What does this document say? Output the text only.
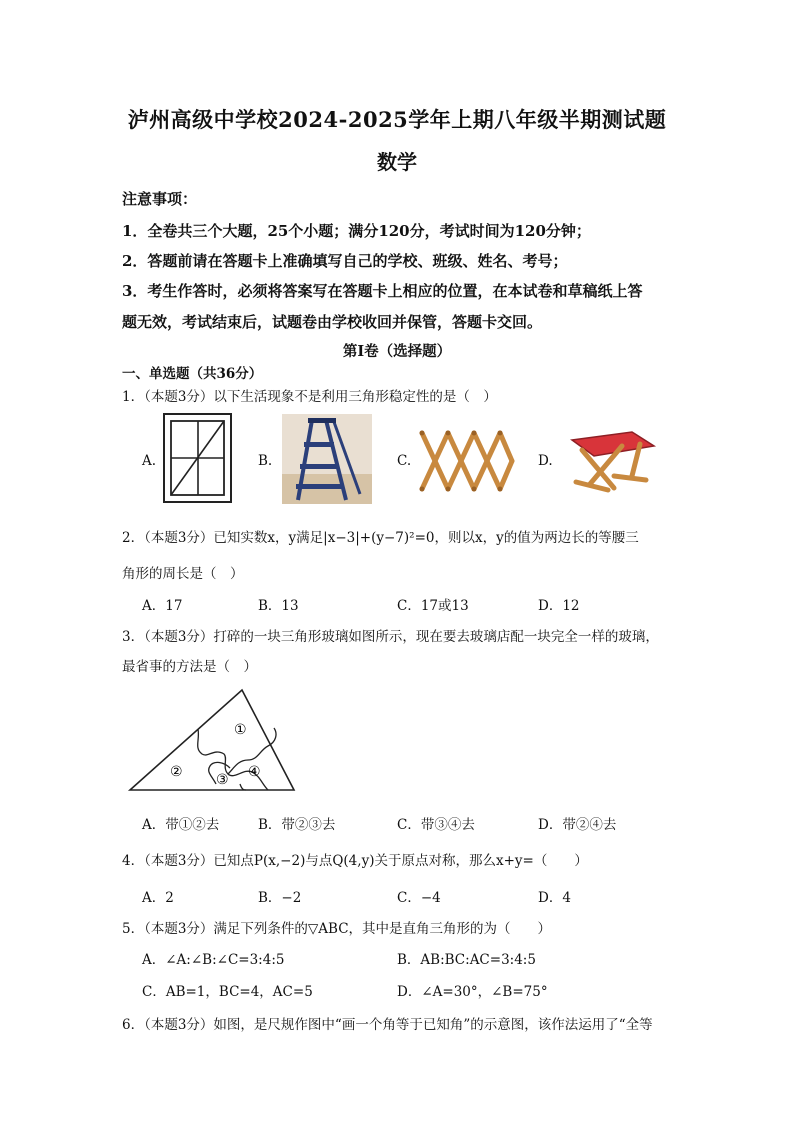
泸州高级中学校2024-2025学年上期八年级半期测试题
数学
注意事项：
1．全卷共三个大题，25个小题；满分120分，考试时间为120分钟；
2．答题前请在答题卡上准确填写自己的学校、班级、姓名、考号；
3．考生作答时，必须将答案写在答题卡上相应的位置，在本试卷和草稿纸上答
题无效，考试结束后，试题卷由学校收回并保管，答题卡交回。
第Ⅰ卷（选择题）
一、单选题（共36分）
1．（本题3分）以下生活现象不是利用三角形稳定性的是（　）
A.	B.	C.	D.
2．（本题3分）已知实数x，y满足|x−3|+(y−7)²=0，则以x，y的值为两边长的等腰三
角形的周长是（　）
A．17	B．13	C．17或13	D．12
3．（本题3分）打碎的一块三角形玻璃如图所示，现在要去玻璃店配一块完全一样的玻璃，
最省事的方法是（　）
①
② ③ ④
A．带①②去	B．带②③去	C．带③④去	D．带②④去
4．（本题3分）已知点P(x,−2)与点Q(4,y)关于原点对称，那么x+y=（　　）
A．2	B．−2	C．−4	D．4
5．（本题3分）满足下列条件的▽ABC，其中是直角三角形的为（　　）
A．∠A:∠B:∠C=3:4:5	B．AB:BC:AC=3:4:5
C．AB=1，BC=4，AC=5	D．∠A=30°，∠B=75°
6．（本题3分）如图，是尺规作图中“画一个角等于已知角”的示意图，该作法运用了“全等
